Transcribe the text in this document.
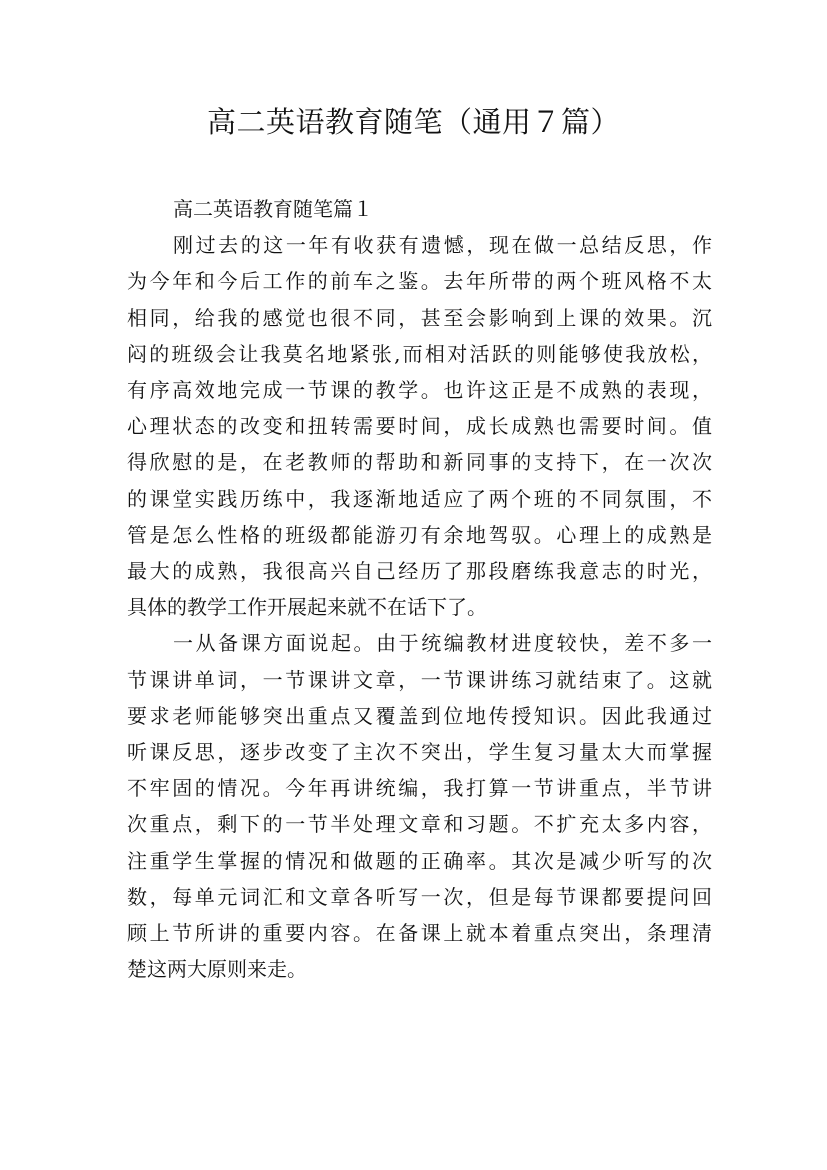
高二英语教育随笔（通用７篇）
高二英语教育随笔篇１

刚过去的这一年有收获有遗憾，现在做一总结反思，作
为今年和今后工作的前车之鉴。去年所带的两个班风格不太
相同，给我的感觉也很不同，甚至会影响到上课的效果。沉
闷的班级会让我莫名地紧张,而相对活跃的则能够使我放松，
有序高效地完成一节课的教学。也许这正是不成熟的表现，
心理状态的改变和扭转需要时间，成长成熟也需要时间。值
得欣慰的是，在老教师的帮助和新同事的支持下，在一次次
的课堂实践历练中，我逐渐地适应了两个班的不同氛围，不
管是怎么性格的班级都能游刃有余地驾驭。心理上的成熟是
最大的成熟，我很高兴自己经历了那段磨练我意志的时光，
具体的教学工作开展起来就不在话下了。

一从备课方面说起。由于统编教材进度较快，差不多一
节课讲单词，一节课讲文章，一节课讲练习就结束了。这就
要求老师能够突出重点又覆盖到位地传授知识。因此我通过
听课反思，逐步改变了主次不突出，学生复习量太大而掌握
不牢固的情况。今年再讲统编，我打算一节讲重点，半节讲
次重点，剩下的一节半处理文章和习题。不扩充太多内容，
注重学生掌握的情况和做题的正确率。其次是减少听写的次
数，每单元词汇和文章各听写一次，但是每节课都要提问回
顾上节所讲的重要内容。在备课上就本着重点突出，条理清
楚这两大原则来走。
